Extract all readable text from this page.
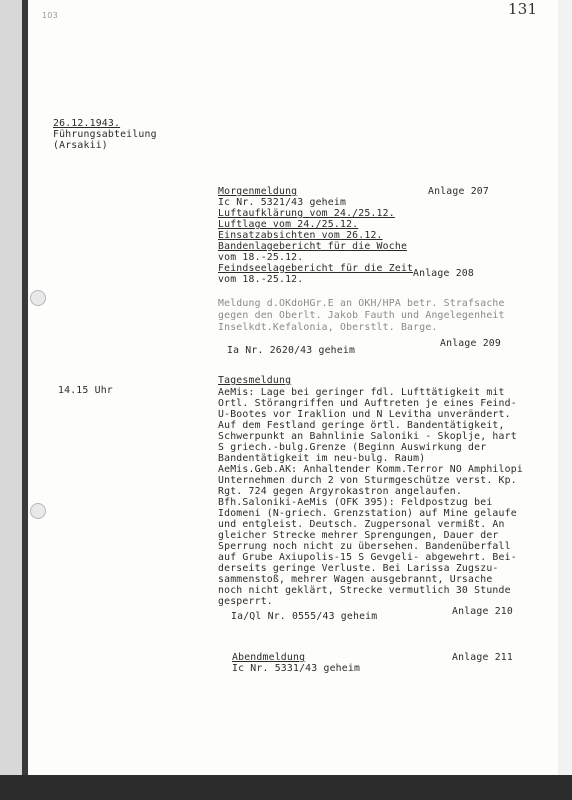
131
103
26.12.1943.
Führungsabteilung
(Arsakii)
Morgenmeldung
Ic Nr. 5321/43 geheim
Anlage 207
Luftaufklärung vom 24./25.12.
Luftlage vom 24./25.12.
Einsatzabsichten vom 26.12.
Bandenlagebericht für die Woche
vom 18.-25.12.
Feindseelagebericht für die Zeit
vom 18.-25.12.
Anlage 208
Meldung d.OKdoHGr.E an OKH/HPA betr. Strafsache
gegen den Oberlt. Jakob Fauth und Angelegenheit
Inselkdt.Kefalonia, Oberstlt. Barge.
Ia Nr. 2620/43 geheim
Anlage 209
14.15 Uhr
Tagesmeldung
AeMis: Lage bei geringer fdl. Lufttätigkeit mit
Ortl. Störangriffen und Auftreten je eines Feind-
U-Bootes vor Iraklion und N Levitha unverändert.
Auf dem Festland geringe örtl. Bandentätigkeit,
Schwerpunkt an Bahnlinie Saloniki - Skoplje, hart
S griech.-bulg.Grenze (Beginn Auswirkung der
Bandentätigkeit im neu-bulg. Raum)
AeMis.Geb.AK: Anhaltender Komm.Terror NO Amphilopi
Unternehmen durch 2 von Sturmgeschütze verst. Kp.
Rgt. 724 gegen Argyrokastron angelaufen.
Bfh.Saloniki-AeMis (OFK 395): Feldpostzug bei
Idomeni (N-griech. Grenzstation) auf Mine gelaufe
und entgleist. Deutsch. Zugpersonal vermißt. An
gleicher Strecke mehrer Sprengungen, Dauer der
Sperrung noch nicht zu übersehen. Bandenüberfall
auf Grube Axiupolis-15 S Gevgeli- abgewehrt. Bei-
derseits geringe Verluste. Bei Larissa Zugszu-
sammenstoß, mehrer Wagen ausgebrannt, Ursache
noch nicht geklärt, Strecke vermutlich 30 Stunde
gesperrt.
Ia/Ql Nr. 0555/43 geheim	Anlage 210
Abendmeldung
Ic Nr. 5331/43 geheim
Anlage 211
